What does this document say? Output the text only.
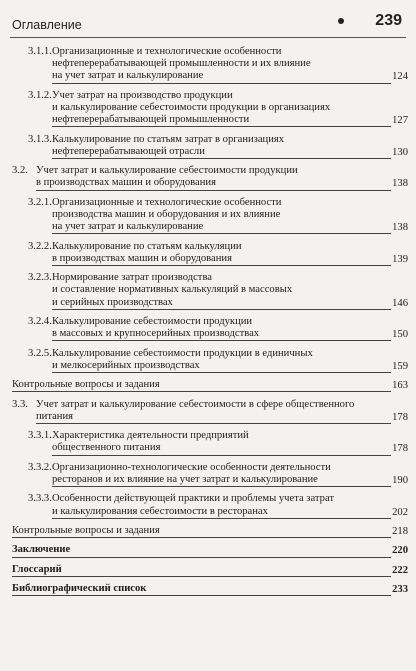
Оглавление	239
3.1.1. Организационные и технологические особенности
нефтеперерабатывающей промышленности и их влияние
на учет затрат и калькулирование	124
3.1.2. Учет затрат на производство продукции
и калькулирование себестоимости продукции в организациях
нефтеперерабатывающей промышленности	127
3.1.3. Калькулирование по статьям затрат в организациях
нефтеперерабатывающей отрасли	130
3.2. Учет затрат и калькулирование себестоимости продукции
в производствах машин и оборудования	138
3.2.1. Организационные и технологические особенности
производства машин и оборудования и их влияние
на учет затрат и калькулирование	138
3.2.2. Калькулирование по статьям калькуляции
в производствах машин и оборудования	139
3.2.3. Нормирование затрат производства
и составление нормативных калькуляций в массовых
и серийных производствах	146
3.2.4. Калькулирование себестоимости продукции
в массовых и крупносерийных производствах	150
3.2.5. Калькулирование себестоимости продукции в единичных
и мелкосерийных производствах	159
Контрольные вопросы и задания	163
3.3. Учет затрат и калькулирование себестоимости в сфере общественного
питания	178
3.3.1. Характеристика деятельности предприятий
общественного питания	178
3.3.2. Организационно-технологические особенности деятельности
ресторанов и их влияние на учет затрат и калькулирование	190
3.3.3. Особенности действующей практики и проблемы учета затрат
и калькулирования себестоимости в ресторанах	202
Контрольные вопросы и задания	218
Заключение	220
Глоссарий	222
Библиографический список	233
